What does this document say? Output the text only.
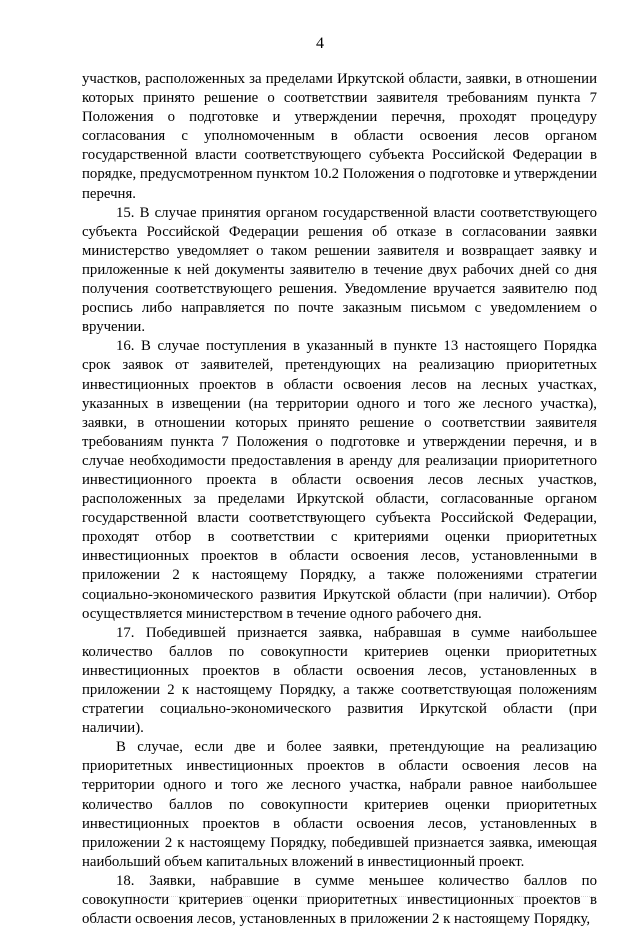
4

участков, расположенных за пределами Иркутской области, заявки, в отношении которых принято решение о соответствии заявителя требованиям пункта 7 Положения о подготовке и утверждении перечня, проходят процедуру согласования с уполномоченным в области освоения лесов органом государственной власти соответствующего субъекта Российской Федерации в порядке, предусмотренном пунктом 10.2 Положения о подготовке и утверждении перечня.

15. В случае принятия органом государственной власти соответствующего субъекта Российской Федерации решения об отказе в согласовании заявки министерство уведомляет о таком решении заявителя и возвращает заявку и приложенные к ней документы заявителю в течение двух рабочих дней со дня получения соответствующего решения. Уведомление вручается заявителю под роспись либо направляется по почте заказным письмом с уведомлением о вручении.

16. В случае поступления в указанный в пункте 13 настоящего Порядка срок заявок от заявителей, претендующих на реализацию приоритетных инвестиционных проектов в области освоения лесов на лесных участках, указанных в извещении (на территории одного и того же лесного участка), заявки, в отношении которых принято решение о соответствии заявителя требованиям пункта 7 Положения о подготовке и утверждении перечня, и в случае необходимости предоставления в аренду для реализации приоритетного инвестиционного проекта в области освоения лесов лесных участков, расположенных за пределами Иркутской области, согласованные органом государственной власти соответствующего субъекта Российской Федерации, проходят отбор в соответствии с критериями оценки приоритетных инвестиционных проектов в области освоения лесов, установленными в приложении 2 к настоящему Порядку, а также положениями стратегии социально-экономического развития Иркутской области (при наличии). Отбор осуществляется министерством в течение одного рабочего дня.

17. Победившей признается заявка, набравшая в сумме наибольшее количество баллов по совокупности критериев оценки приоритетных инвестиционных проектов в области освоения лесов, установленных в приложении 2 к настоящему Порядку, а также соответствующая положениям стратегии социально-экономического развития Иркутской области (при наличии).

В случае, если две и более заявки, претендующие на реализацию приоритетных инвестиционных проектов в области освоения лесов на территории одного и того же лесного участка, набрали равное наибольшее количество баллов по совокупности критериев оценки приоритетных инвестиционных проектов в области освоения лесов, установленных в приложении 2 к настоящему Порядку, победившей признается заявка, имеющая наибольший объем капитальных вложений в инвестиционный проект.

18. Заявки, набравшие в сумме меньшее количество баллов по совокупности критериев оценки приоритетных инвестиционных проектов в области освоения лесов, установленных в приложении 2 к настоящему Порядку,
